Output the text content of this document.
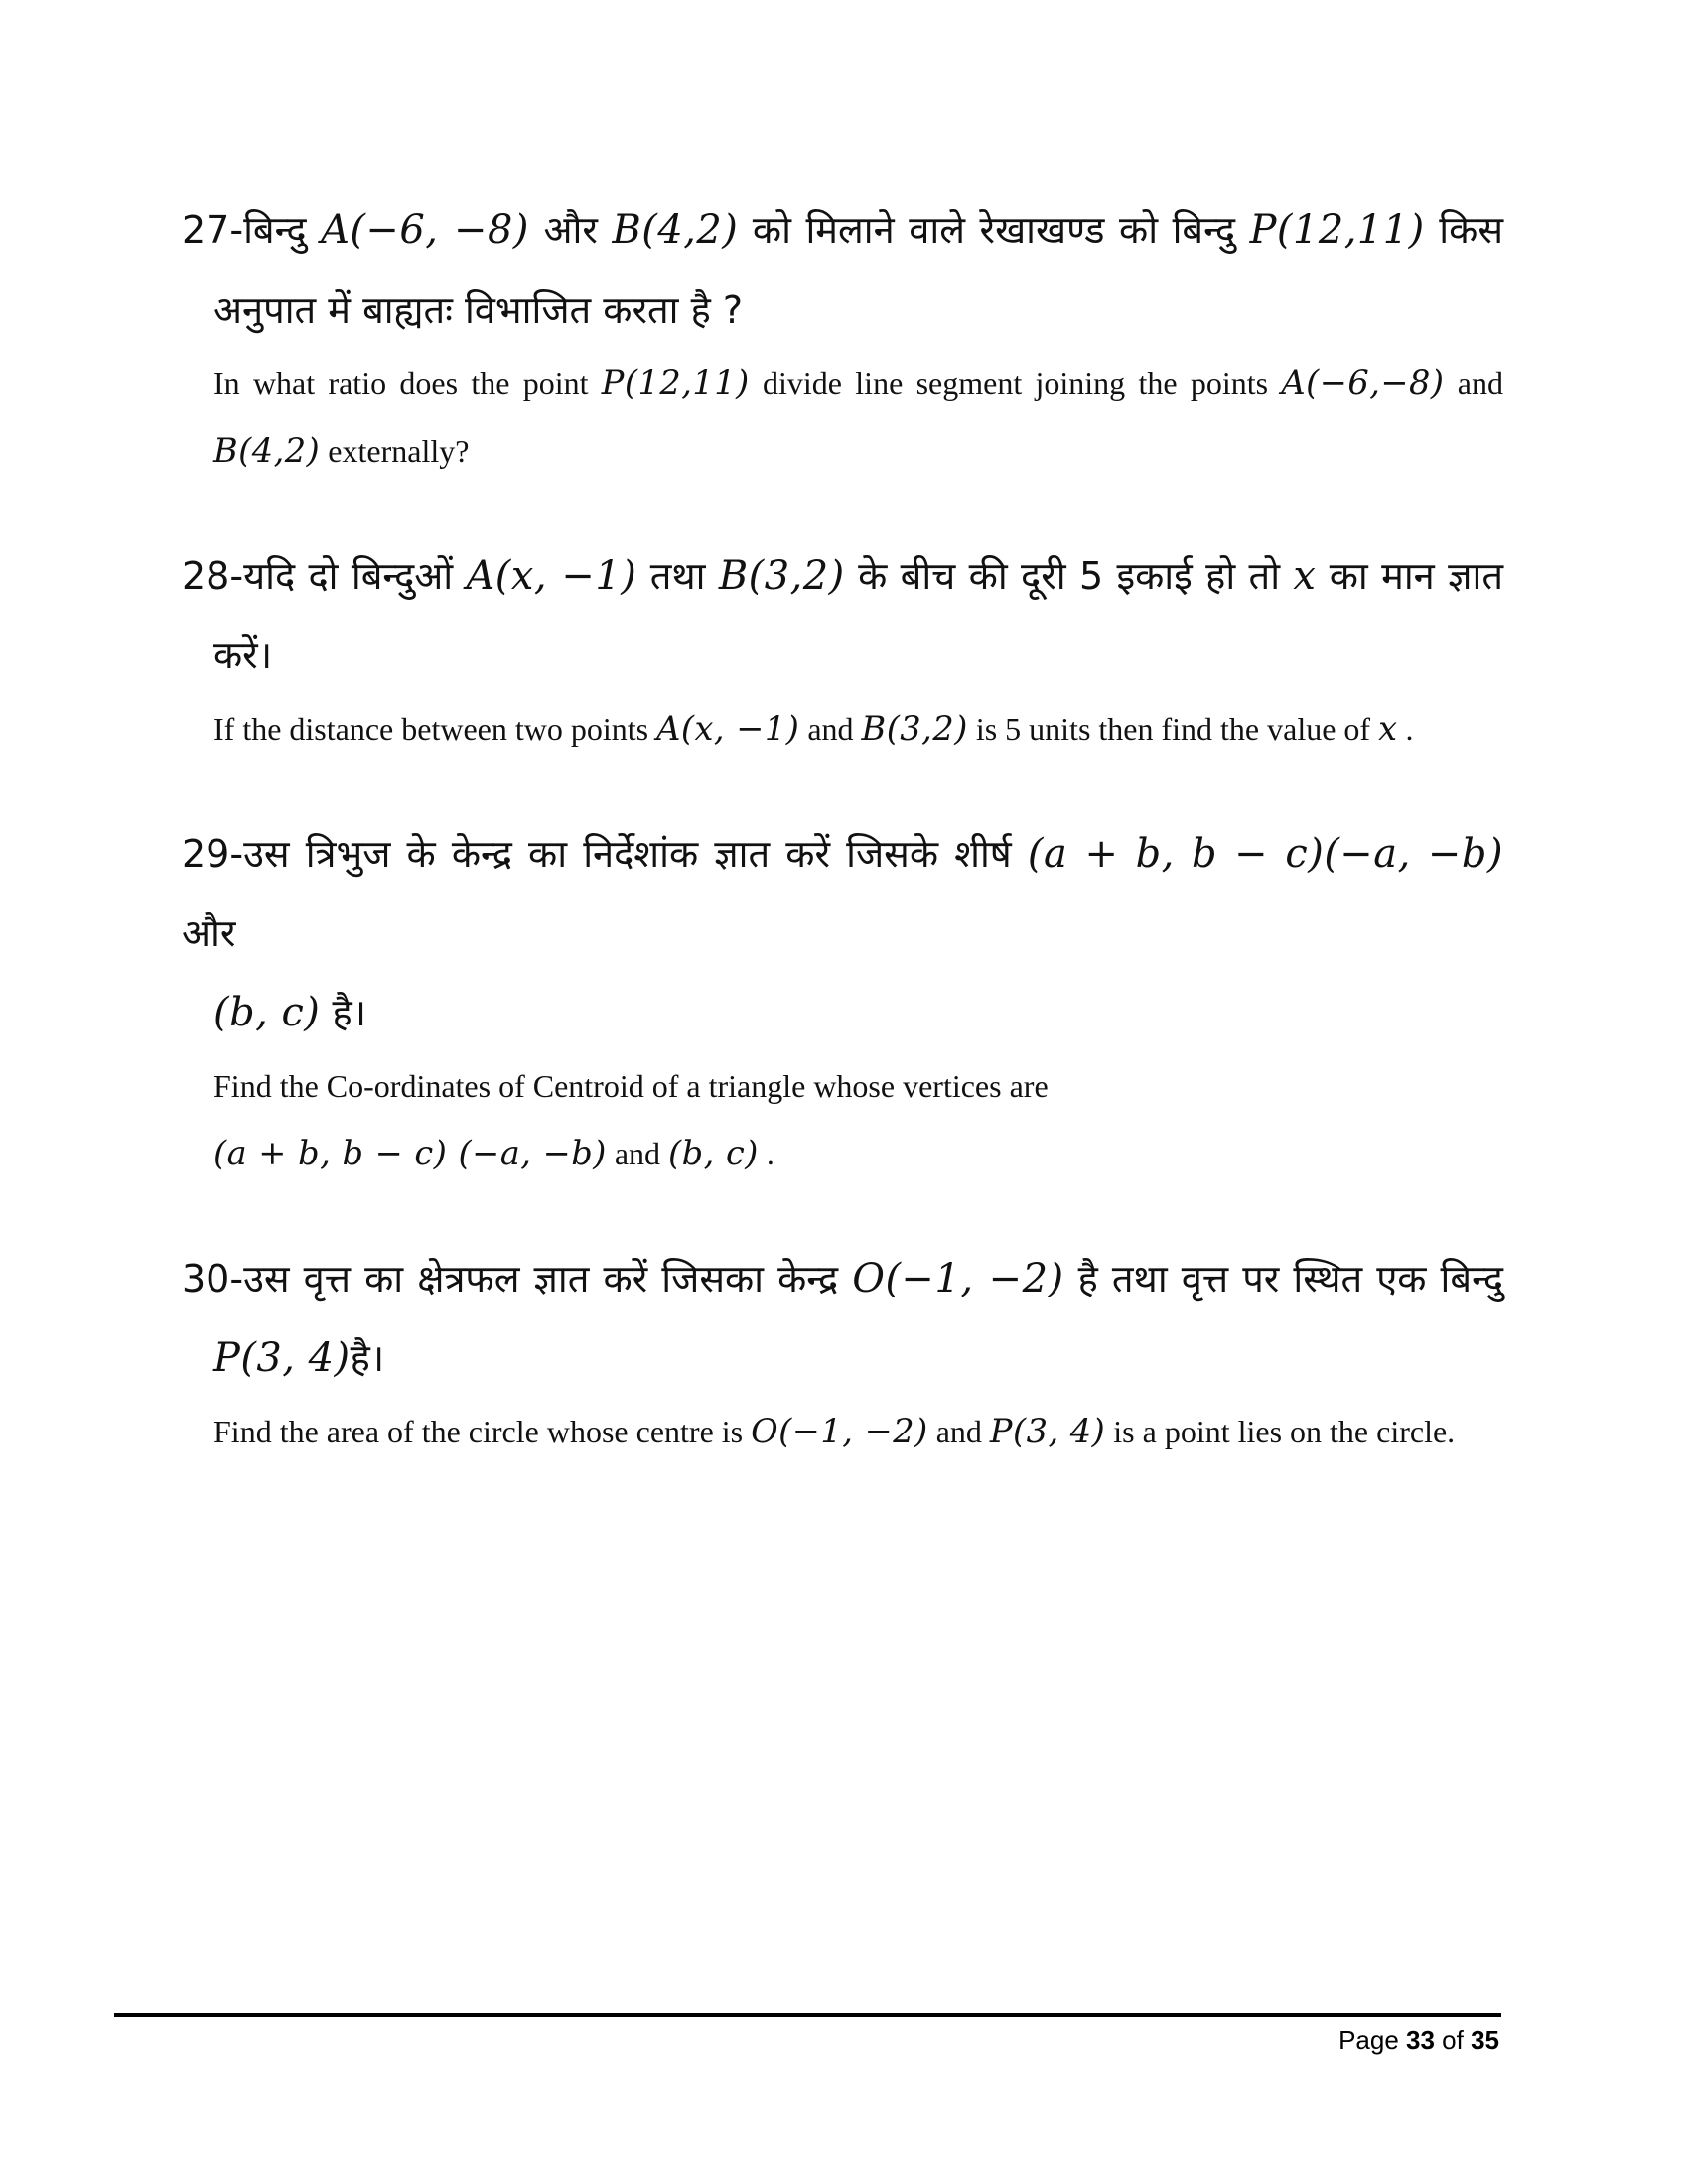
27-बिन्दु A(−6, −8) और B(4,2) को मिलाने वाले रेखाखण्ड को बिन्दु P(12,11) किस
अनुपात में बाह्यतः विभाजित करता है ?
In what ratio does the point P(12,11) divide line segment joining the points A(−6,−8) and
B(4,2) externally?
28-यदि दो बिन्दुओं A(x, −1) तथा B(3,2) के बीच की दूरी 5 इकाई हो तो x का मान ज्ञात
करें।
If the distance between two points A(x, −1) and B(3,2) is 5 units then find the value of x .
29-उस त्रिभुज के केन्द्र का निर्देशांक ज्ञात करें जिसके शीर्ष (a + b, b − c)(−a, −b) और
(b, c) है।
Find the Co-ordinates of Centroid of a triangle whose vertices are
(a + b, b − c) (−a, −b) and (b, c) .
30-उस वृत्त का क्षेत्रफल ज्ञात करें जिसका केन्द्र O(−1, −2) है तथा वृत्त पर स्थित एक बिन्दु
P(3, 4)है।
Find the area of the circle whose centre is O(−1, −2) and P(3, 4) is a point lies on the circle.
Page 33 of 35
